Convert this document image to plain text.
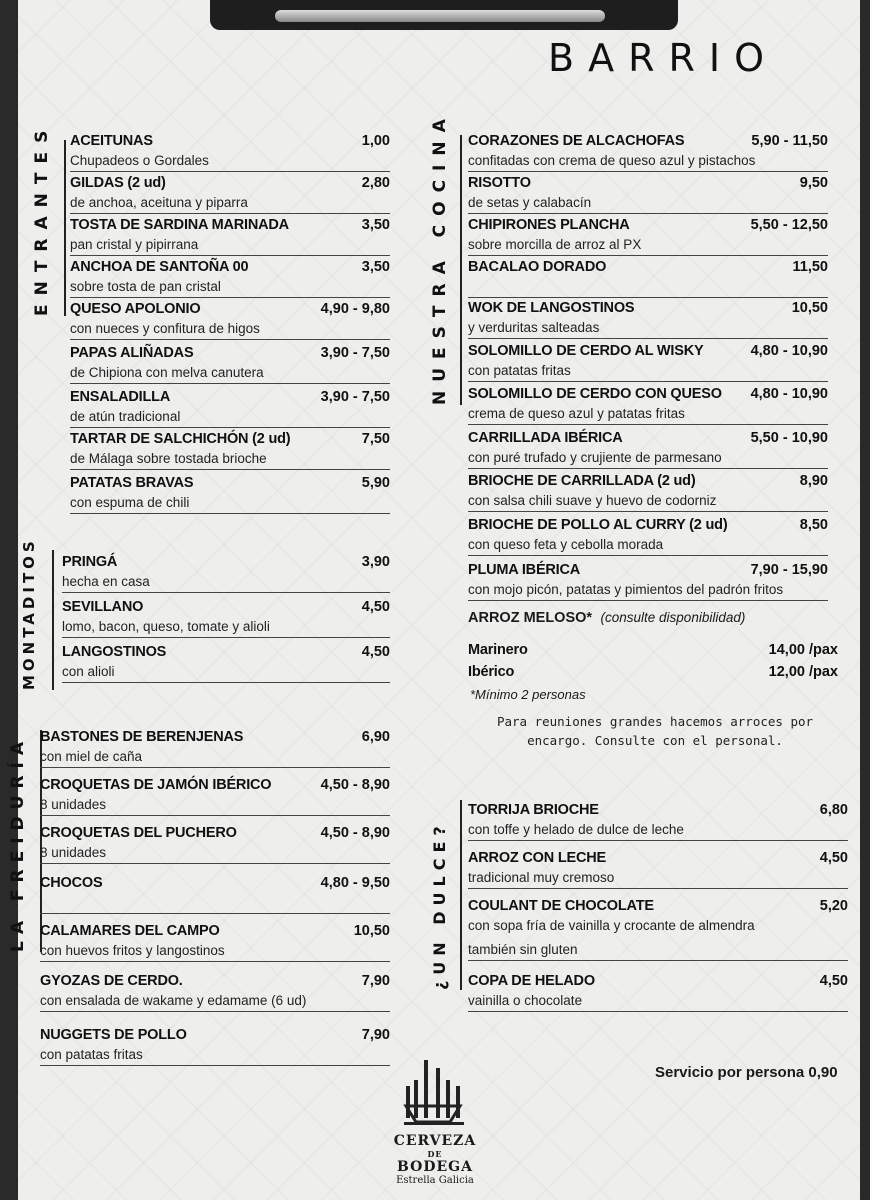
BARRIO
ENTRANTES
MONTADITOS
LA FREIDURÍA
NUESTRA COCINA
¿UN DULCE?
ACEITUNAS	1,00
Chupadeos o Gordales
GILDAS (2 ud)	2,80
de anchoa, aceituna y piparra
TOSTA DE SARDINA MARINADA	3,50
pan cristal y pipirrana
ANCHOA DE SANTOÑA 00	3,50
sobre tosta de pan cristal
QUESO APOLONIO	4,90 - 9,80
con nueces y confitura de higos
PAPAS ALIÑADAS	3,90 - 7,50
de Chipiona con melva canutera
ENSALADILLA	3,90 - 7,50
de atún tradicional
TARTAR DE SALCHICHÓN (2 ud)	7,50
de Málaga sobre tostada brioche
PATATAS BRAVAS	5,90
con espuma de chili
PRINGÁ	3,90
hecha en casa
SEVILLANO	4,50
lomo, bacon, queso, tomate y alioli
LANGOSTINOS	4,50
con alioli
BASTONES DE BERENJENAS	6,90
con miel de caña
CROQUETAS DE JAMÓN IBÉRICO	4,50 - 8,90
8 unidades
CROQUETAS DEL PUCHERO	4,50 - 8,90
8 unidades
CHOCOS	4,80 - 9,50
CALAMARES DEL CAMPO	10,50
con huevos fritos y langostinos
GYOZAS DE CERDO.	7,90
con ensalada de wakame y edamame (6 ud)
NUGGETS DE POLLO	7,90
con patatas fritas
CORAZONES DE ALCACHOFAS	5,90 - 11,50
confitadas con crema de queso azul y pistachos
RISOTTO	9,50
de setas y calabacín
CHIPIRONES PLANCHA	5,50 - 12,50
sobre morcilla de arroz al PX
BACALAO DORADO	11,50
WOK DE LANGOSTINOS	10,50
y verduritas salteadas
SOLOMILLO DE CERDO AL WISKY	4,80 - 10,90
con patatas fritas
SOLOMILLO DE CERDO CON QUESO 4,80 - 10,90
crema de queso azul y patatas fritas
CARRILLADA IBÉRICA	5,50 - 10,90
con puré trufado y crujiente de parmesano
BRIOCHE DE CARRILLADA (2 ud)	8,90
con salsa chili suave y huevo de codorniz
BRIOCHE DE POLLO AL CURRY (2 ud)	8,50
con queso feta y cebolla morada
PLUMA IBÉRICA	7,90 - 15,90
con mojo picón, patatas y pimientos del padrón fritos
TORRIJA BRIOCHE	6,80
con toffe y helado de dulce de leche
ARROZ CON LECHE	4,50
tradicional muy cremoso
COULANT DE CHOCOLATE	5,20
con sopa fría de vainilla y crocante de almendra
también sin gluten
COPA DE HELADO	4,50
vainilla o chocolate
ARROZ MELOSO* (consulte disponibilidad)
Marinero	14,00 /pax
Ibérico	12,00 /pax
*Mínimo 2 personas
Para reuniones grandes hacemos arroces por encargo. Consulte con el personal.
Servicio por persona 0,90
CERVEZA
DE
BODEGA
Estrella Galicia
